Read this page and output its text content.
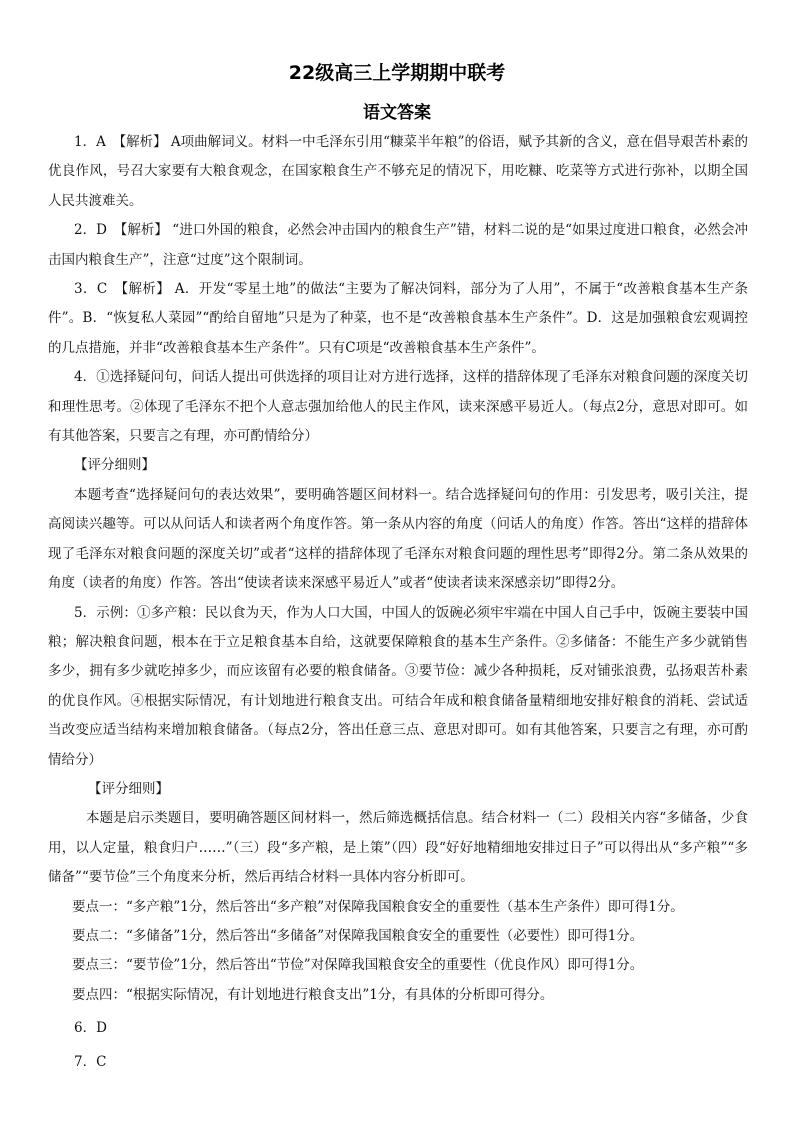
22级高三上学期期中联考
语文答案

1．A　【解析】 A项曲解词义。材料一中毛泽东引用“糠菜半年粮”的俗语，赋予其新的含义，意在倡导艰苦朴素的优良作风，号召大家要有大粮食观念，在国家粮食生产不够充足的情况下，用吃糠、吃菜等方式进行弥补，以期全国人民共渡难关。

2．D　【解析】 “进口外国的粮食，必然会冲击国内的粮食生产”错，材料二说的是“如果过度进口粮食，必然会冲击国内粮食生产”，注意“过度”这个限制词。

3．C　【解析】 A．开发“零星土地”的做法“主要为了解决饲料，部分为了人用”，不属于“改善粮食基本生产条件”。B．“恢复私人菜园”“酌给自留地”只是为了种菜，也不是“改善粮食基本生产条件”。D．这是加强粮食宏观调控的几点措施，并非“改善粮食基本生产条件”。只有C项是“改善粮食基本生产条件”。

4．①选择疑问句，问话人提出可供选择的项目让对方进行选择，这样的措辞体现了毛泽东对粮食问题的深度关切和理性思考。②体现了毛泽东不把个人意志强加给他人的民主作风，读来深感平易近人。（每点2分，意思对即可。如有其他答案，只要言之有理，亦可酌情给分）

【评分细则】

本题考查“选择疑问句的表达效果”，要明确答题区间材料一。结合选择疑问句的作用：引发思考，吸引关注，提高阅读兴趣等。可以从问话人和读者两个角度作答。第一条从内容的角度（问话人的角度）作答。答出“这样的措辞体现了毛泽东对粮食问题的深度关切”或者“这样的措辞体现了毛泽东对粮食问题的理性思考”即得2分。第二条从效果的角度（读者的角度）作答。答出“使读者读来深感平易近人”或者“使读者读来深感亲切”即得2分。

5．示例：①多产粮：民以食为天，作为人口大国，中国人的饭碗必须牢牢端在中国人自己手中，饭碗主要装中国粮；解决粮食问题，根本在于立足粮食基本自给，这就要保障粮食的基本生产条件。②多储备：不能生产多少就销售多少，拥有多少就吃掉多少，而应该留有必要的粮食储备。③要节俭：减少各种损耗，反对铺张浪费，弘扬艰苦朴素的优良作风。④根据实际情况，有计划地进行粮食支出。可结合年成和粮食储备量精细地安排好粮食的消耗、尝试适当改变应适当结构来增加粮食储备。（每点2分，答出任意三点、意思对即可。如有其他答案，只要言之有理，亦可酌情给分）

【评分细则】

本题是启示类题目，要明确答题区间材料一，然后筛选概括信息。结合材料一（二）段相关内容“多储备，少食用，以人定量，粮食归户……”（三）段“多产粮，是上策”（四）段“好好地精细地安排过日子”可以得出从“多产粮”“多储备”“要节俭”三个角度来分析，然后再结合材料一具体内容分析即可。

要点一：“多产粮”1分，然后答出“多产粮”对保障我国粮食安全的重要性（基本生产条件）即可得1分。

要点二：“多储备”1分，然后答出“多储备”对保障我国粮食安全的重要性（必要性）即可得1分。

要点三：“要节俭”1分，然后答出“节俭”对保障我国粮食安全的重要性（优良作风）即可得1分。

要点四：“根据实际情况，有计划地进行粮食支出”1分，有具体的分析即可得分。

6．D

7．C
